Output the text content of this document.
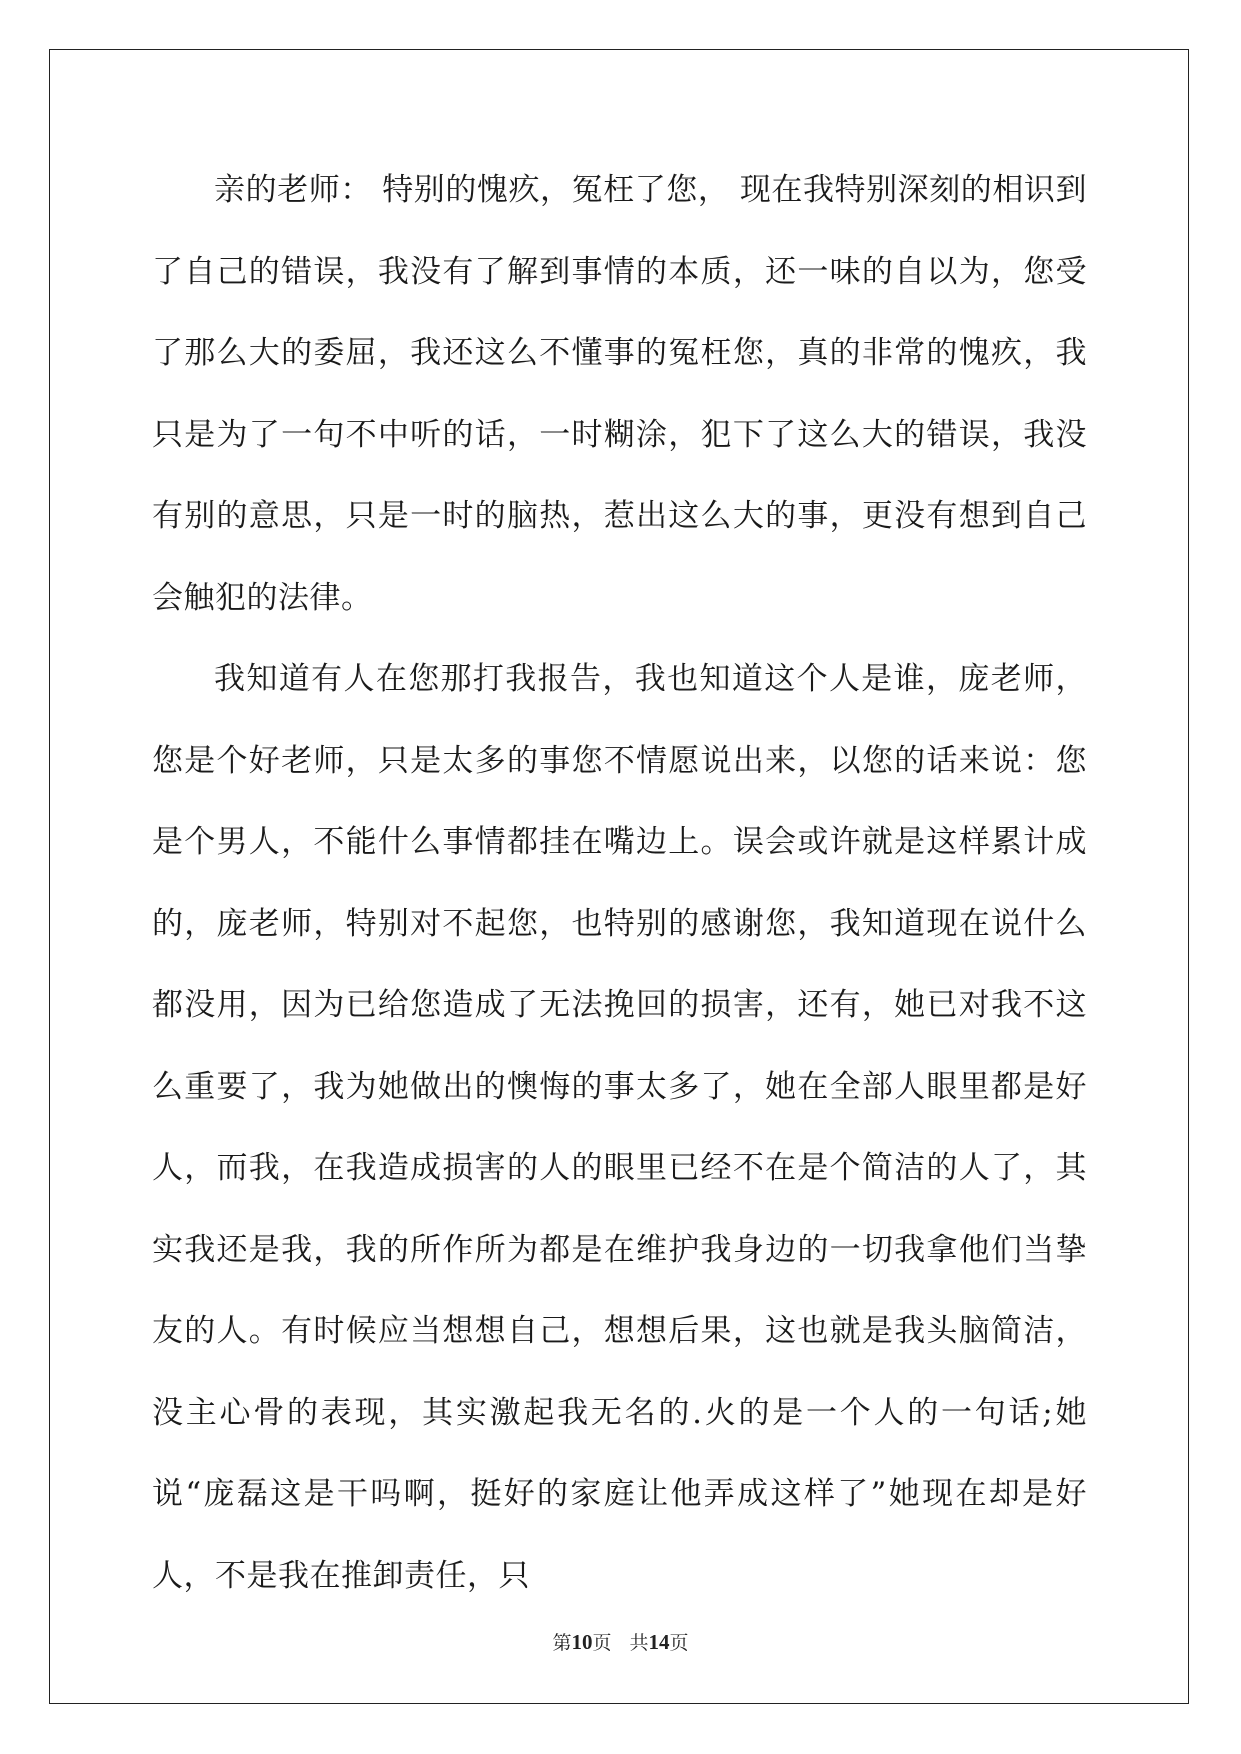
亲的老师： 特别的愧疚，冤枉了您， 现在我特别深刻的相识到了自己的错误，我没有了解到事情的本质，还一味的自以为，您受了那么大的委屈，我还这么不懂事的冤枉您，真的非常的愧疚，我只是为了一句不中听的话，一时糊涂，犯下了这么大的错误，我没有别的意思，只是一时的脑热，惹出这么大的事，更没有想到自己会触犯的法律。

我知道有人在您那打我报告，我也知道这个人是谁，庞老师，您是个好老师，只是太多的事您不情愿说出来，以您的话来说：您是个男人，不能什么事情都挂在嘴边上。误会或许就是这样累计成的，庞老师，特别对不起您，也特别的感谢您，我知道现在说什么都没用，因为已给您造成了无法挽回的损害，还有，她已对我不这么重要了，我为她做出的懊悔的事太多了，她在全部人眼里都是好人，而我，在我造成损害的人的眼里已经不在是个简洁的人了，其实我还是我，我的所作所为都是在维护我身边的一切我拿他们当挚友的人。有时候应当想想自己，想想后果，这也就是我头脑简洁，没主心骨的表现，其实激起我无名的.火的是一个人的一句话;她说“庞磊这是干吗啊，挺好的家庭让他弄成这样了”她现在却是好人，不是我在推卸责任，只

第10页 共14页
